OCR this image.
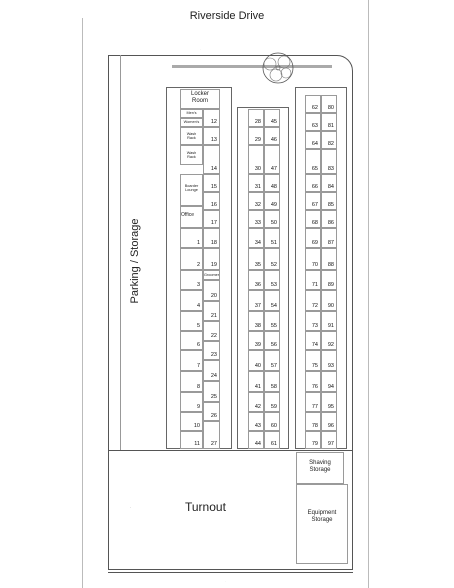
Riverside Drive
·
·
Parking / Storage
Locker Room
Men's
Women's
Wash Rack
Wash Rack
Boarder Lounge
Office
Groomer
1
2
3
4
5
6
7
8
9
10
11
12
13
14
15
16
17
18
19
20
21
22
23
24
25
26
27
28 45
29 46
30 47
31 48
32 49
33 50
34 51
35 52
36 53
37 54
38 55
39 56
40 57
41 58
42 59
43 60
44 61
62 80
63 81
64 82
65 83
66 84
67 85
68 86
69 87
70 88
71 89
72 90
73 91
74 92
75 93
76 94
77 95
78 96
79 97
Shaving Storage
Equipment Storage
Turnout
·
